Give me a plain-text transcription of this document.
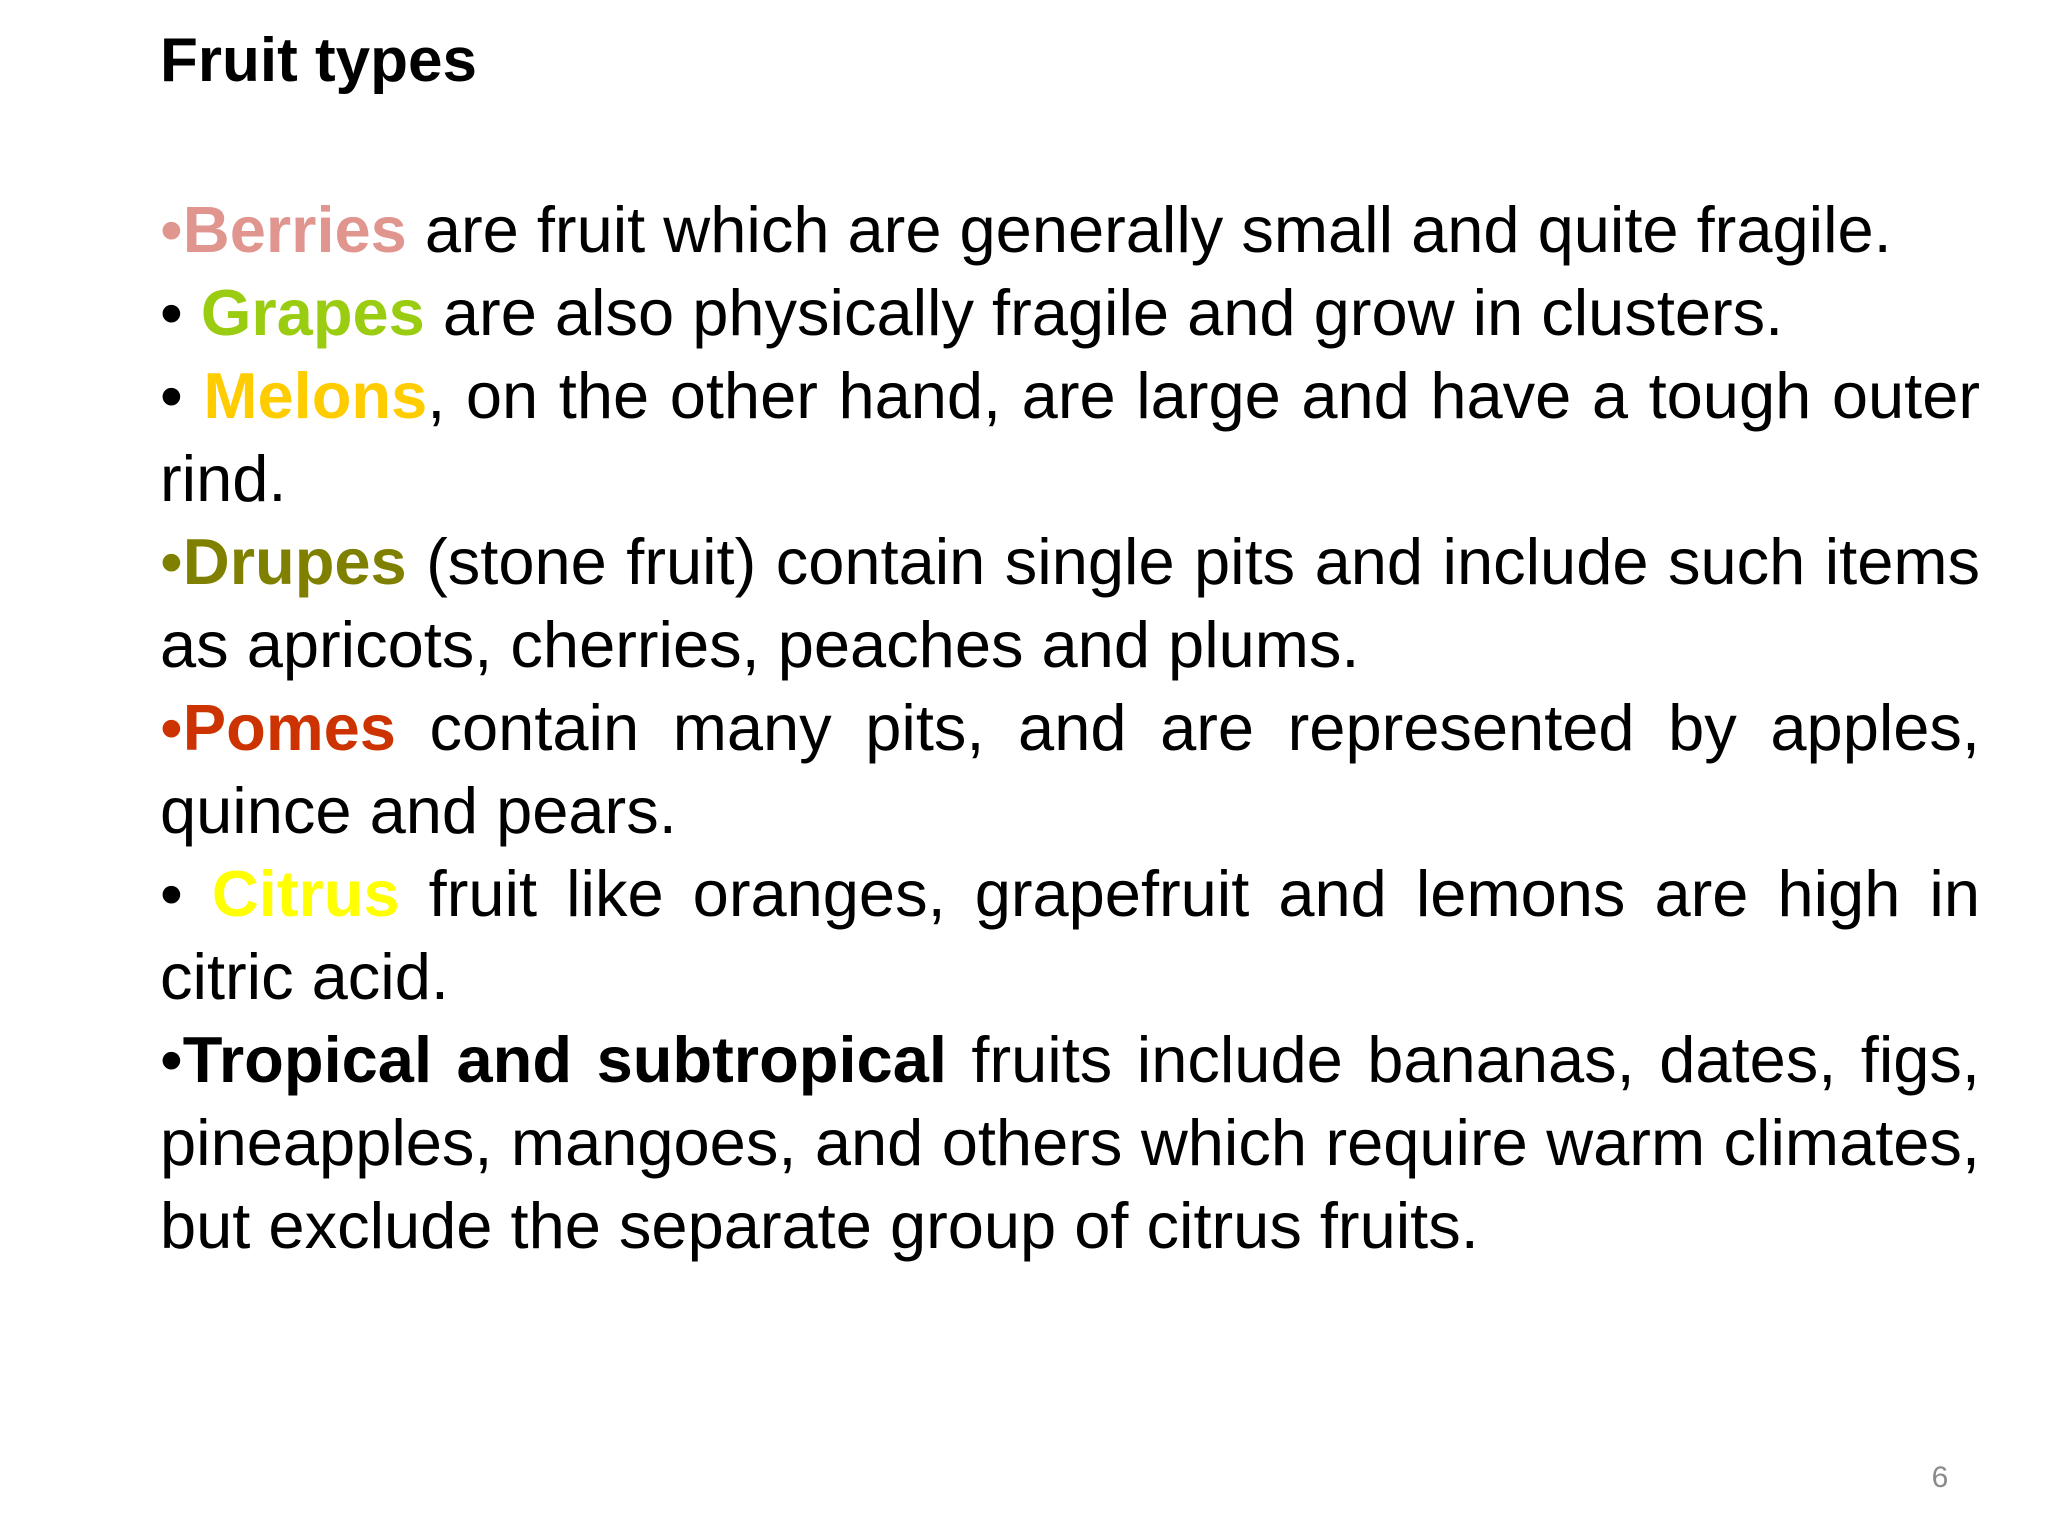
Fruit types
•Berries are fruit which are generally small and quite fragile.
• Grapes are also physically fragile and grow in clusters.
• Melons, on the other hand, are large and have a tough outer rind.
•Drupes (stone fruit) contain single pits and include such items as apricots, cherries, peaches and plums.
•Pomes contain many pits, and are represented by apples, quince and pears.
• Citrus fruit like oranges, grapefruit and lemons are high in citric acid.
•Tropical and subtropical fruits include bananas, dates, figs, pineapples, mangoes, and others which require warm climates, but exclude the separate group of citrus fruits.
6
